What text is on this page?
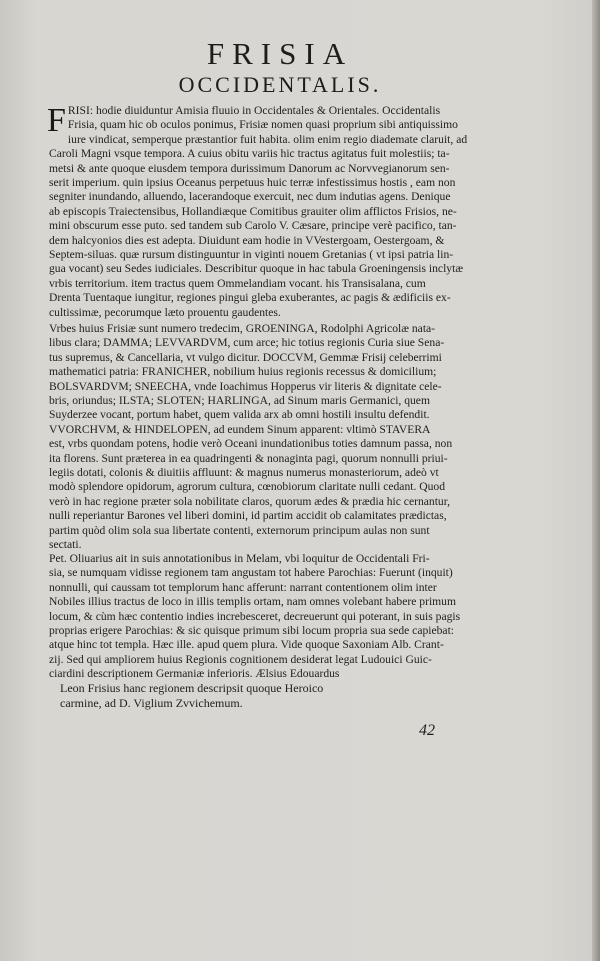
FRISIA
OCCIDENTALIS.
F RISI: hodie diuiduntur Amisia fluuio in Occidentales & Orientales. Occidentalis
Frisia, quam hic ob oculos ponimus, Frisiæ nomen quasi proprium sibi antiquissimo
iure vindicat, semperque præstantior fuit habita. olim enim regio diademate claruit, ad
Caroli Magni vsque tempora. A cuius obitu variis hic tractus agitatus fuit molestiis; ta-
metsi & ante quoque eiusdem tempora durissimum Danorum ac Norvvegianorum sen-
serit imperium. quin ipsius Oceanus perpetuus huic terræ infestissimus hostis , eam non
segniter inundando, alluendo, lacerandoque exercuit, nec dum indutias agens. Denique
ab episcopis Traiectensibus, Hollandiæque Comitibus grauiter olim afflictos Frisios, ne-
mini obscurum esse puto. sed tandem sub Carolo V. Cæsare, principe verè pacifico, tan-
dem halcyonios dies est adepta. Diuidunt eam hodie in VVestergoam, Oestergoam, &
Septem-siluas. quæ rursum distinguuntur in viginti nouem Gretanias ( vt ipsi patria lin-
gua vocant) seu Sedes iudiciales. Describitur quoque in hac tabula Groeningensis inclytæ
vrbis territorium. item tractus quem Ommelandiam vocant. his Transisalana, cum
Drenta Tuentaque iungitur, regiones pingui gleba exuberantes, ac pagis & ædificiis ex-
cultissimæ, pecorumque læto prouentu gaudentes.
Vrbes huius Frisiæ sunt numero tredecim, GROENINGA, Rodolphi Agricolæ nata-
libus clara; DAMMA; LEVVARDVM, cum arce; hic totius regionis Curia siue Sena-
tus supremus, & Cancellaria, vt vulgo dicitur. DOCCVM, Gemmæ Frisij celeberrimi
mathematici patria: FRANICHER, nobilium huius regionis recessus & domicilium;
BOLSVARDVM; SNEECHA, vnde Ioachimus Hopperus vir literis & dignitate cele-
bris, oriundus; ILSTA; SLOTEN; HARLINGA, ad Sinum maris Germanici, quem
Suyderzee vocant, portum habet, quem valida arx ab omni hostili insultu defendit.
VVORCHVM, & HINDELOPEN, ad eundem Sinum apparent: vltimò STAVERA
est, vrbs quondam potens, hodie verò Oceani inundationibus toties damnum passa, non
ita florens. Sunt præterea in ea quadringenti & nonaginta pagi, quorum nonnulli priui-
legiis dotati, colonis & diuitiis affluunt: & magnus numerus monasteriorum, adeò vt
modò splendore opidorum, agrorum cultura, cœnobiorum claritate nulli cedant. Quod
verò in hac regione præter sola nobilitate claros, quorum ædes & prædia hic cernantur,
nulli reperiantur Barones vel liberi domini, id partim accidit ob calamitates prædictas,
partim quòd olim sola sua libertate contenti, externorum principum aulas non sunt
sectati.
Pet. Oliuarius ait in suis annotationibus in Melam, vbi loquitur de Occidentali Fri-
sia, se numquam vidisse regionem tam angustam tot habere Parochias: Fuerunt (inquit)
nonnulli, qui caussam tot templorum hanc afferunt: narrant contentionem olim inter
Nobiles illius tractus de loco in illis templis ortam, nam omnes volebant habere primum
locum, & cùm hæc contentio indies increbesceret, decreuerunt qui poterant, in suis pagis
proprias erigere Parochias: & sic quisque primum sibi locum propria sua sede capiebat:
atque hinc tot templa. Hæc ille. apud quem plura. Vide quoque Saxoniam Alb. Crant-
zij. Sed qui ampliorem huius Regionis cognitionem desiderat legat Ludouici Guic-
ciardini descriptionem Germaniæ inferioris. Ælsius Edouardus
Leon Frisius hanc regionem descripsit quoque Heroico
carmine, ad D. Viglium Zvvichemum.
42
